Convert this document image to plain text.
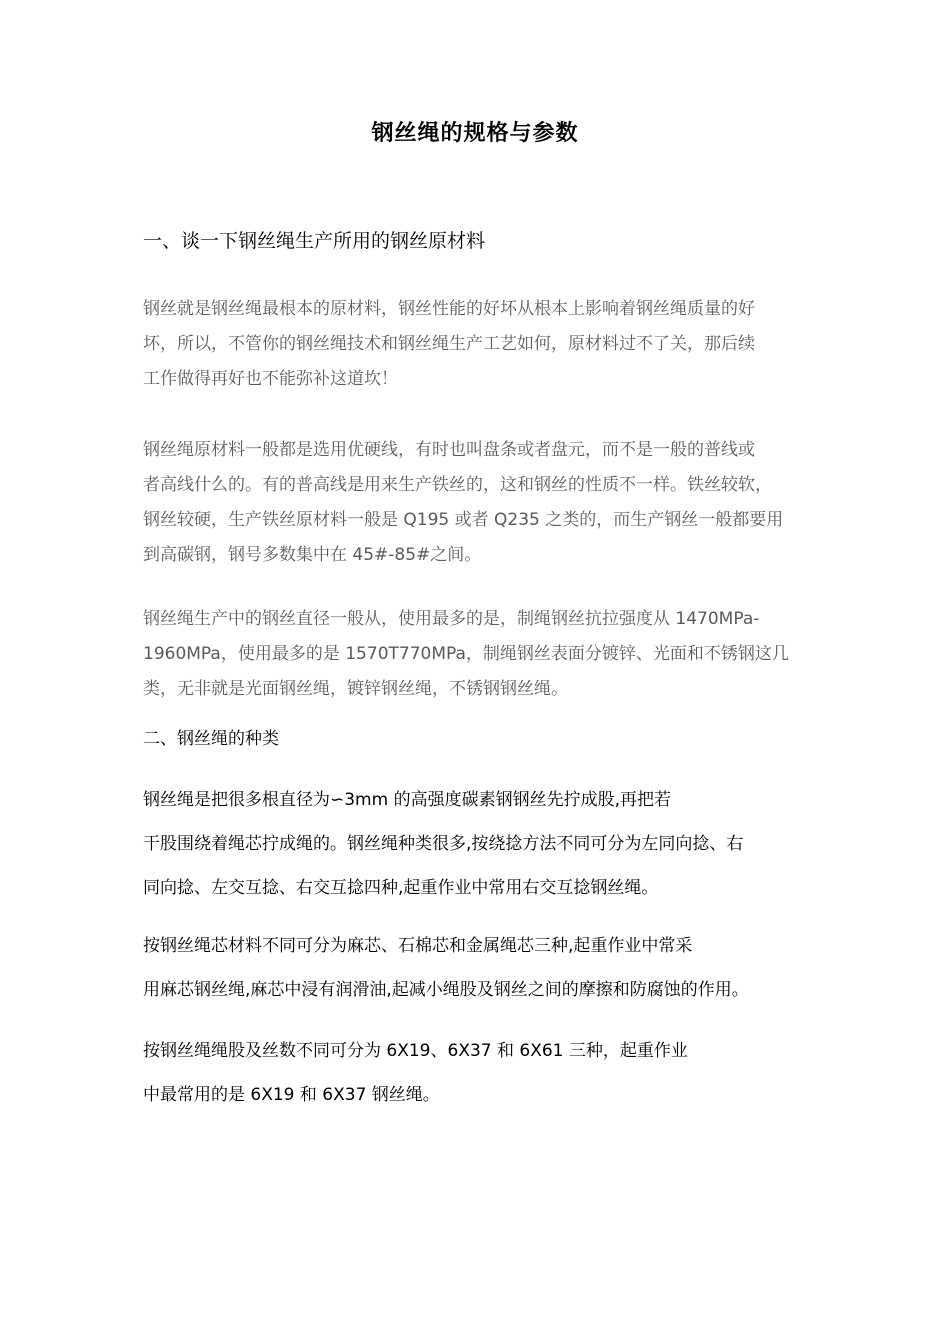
钢丝绳的规格与参数
一、谈一下钢丝绳生产所用的钢丝原材料
钢丝就是钢丝绳最根本的原材料，钢丝性能的好坏从根本上影响着钢丝绳质量的好
坏，所以，不管你的钢丝绳技术和钢丝绳生产工艺如何，原材料过不了关，那后续
工作做得再好也不能弥补这道坎！
钢丝绳原材料一般都是选用优硬线，有时也叫盘条或者盘元，而不是一般的普线或
者高线什么的。有的普高线是用来生产铁丝的，这和钢丝的性质不一样。铁丝较软，
钢丝较硬，生产铁丝原材料一般是 Q195 或者 Q235 之类的，而生产钢丝一般都要用
到高碳钢，钢号多数集中在 45#-85#之间。
钢丝绳生产中的钢丝直径一般从，使用最多的是，制绳钢丝抗拉强度从 1470MPa-
1960MPa，使用最多的是 1570T770MPa，制绳钢丝表面分镀锌、光面和不锈钢这几
类，无非就是光面钢丝绳，镀锌钢丝绳，不锈钢钢丝绳。
二、钢丝绳的种类
钢丝绳是把很多根直径为∽3mm 的高强度碳素钢钢丝先拧成股,再把若
干股围绕着绳芯拧成绳的。钢丝绳种类很多,按绕捻方法不同可分为左同向捻、右
同向捻、左交互捻、右交互捻四种,起重作业中常用右交互捻钢丝绳。
按钢丝绳芯材料不同可分为麻芯、石棉芯和金属绳芯三种,起重作业中常采
用麻芯钢丝绳,麻芯中浸有润滑油,起减小绳股及钢丝之间的摩擦和防腐蚀的作用。
按钢丝绳绳股及丝数不同可分为 6X19、6X37 和 6X61 三种，起重作业
中最常用的是 6X19 和 6X37 钢丝绳。
